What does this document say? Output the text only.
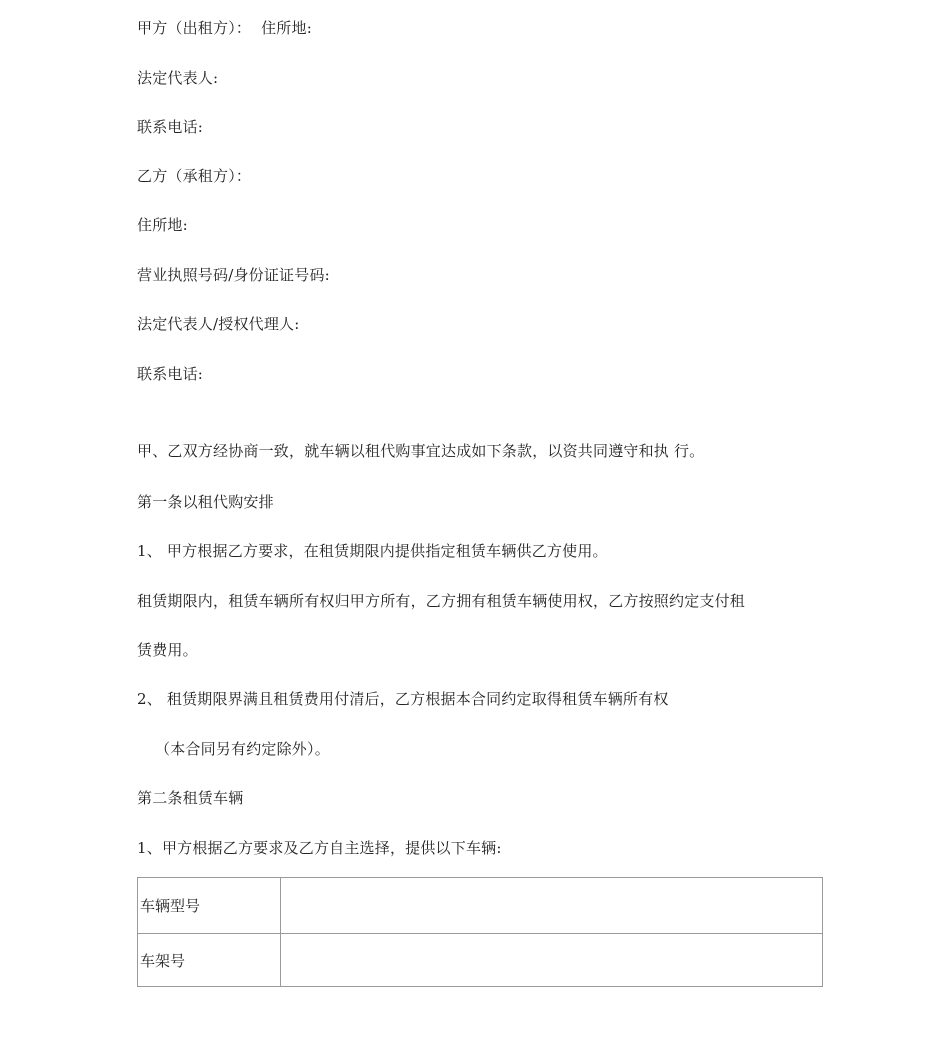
甲方（出租方）： 住所地:
法定代表人:
联系电话:
乙方（承租方）：
住所地:
营业执照号码/身份证证号码:
法定代表人/授权代理人:
联系电话:
甲、乙双方经协商一致，就车辆以租代购事宜达成如下条款，以资共同遵守和执 行。
第一条以租代购安排
1、 甲方根据乙方要求，在租赁期限内提供指定租赁车辆供乙方使用。
租赁期限内，租赁车辆所有权归甲方所有，乙方拥有租赁车辆使用权，乙方按照约定支付租
赁费用。
2、 租赁期限界满且租赁费用付清后，乙方根据本合同约定取得租赁车辆所有权
（本合同另有约定除外）。
第二条租赁车辆
1、甲方根据乙方要求及乙方自主选择，提供以下车辆:
车辆型号	
车架号	
